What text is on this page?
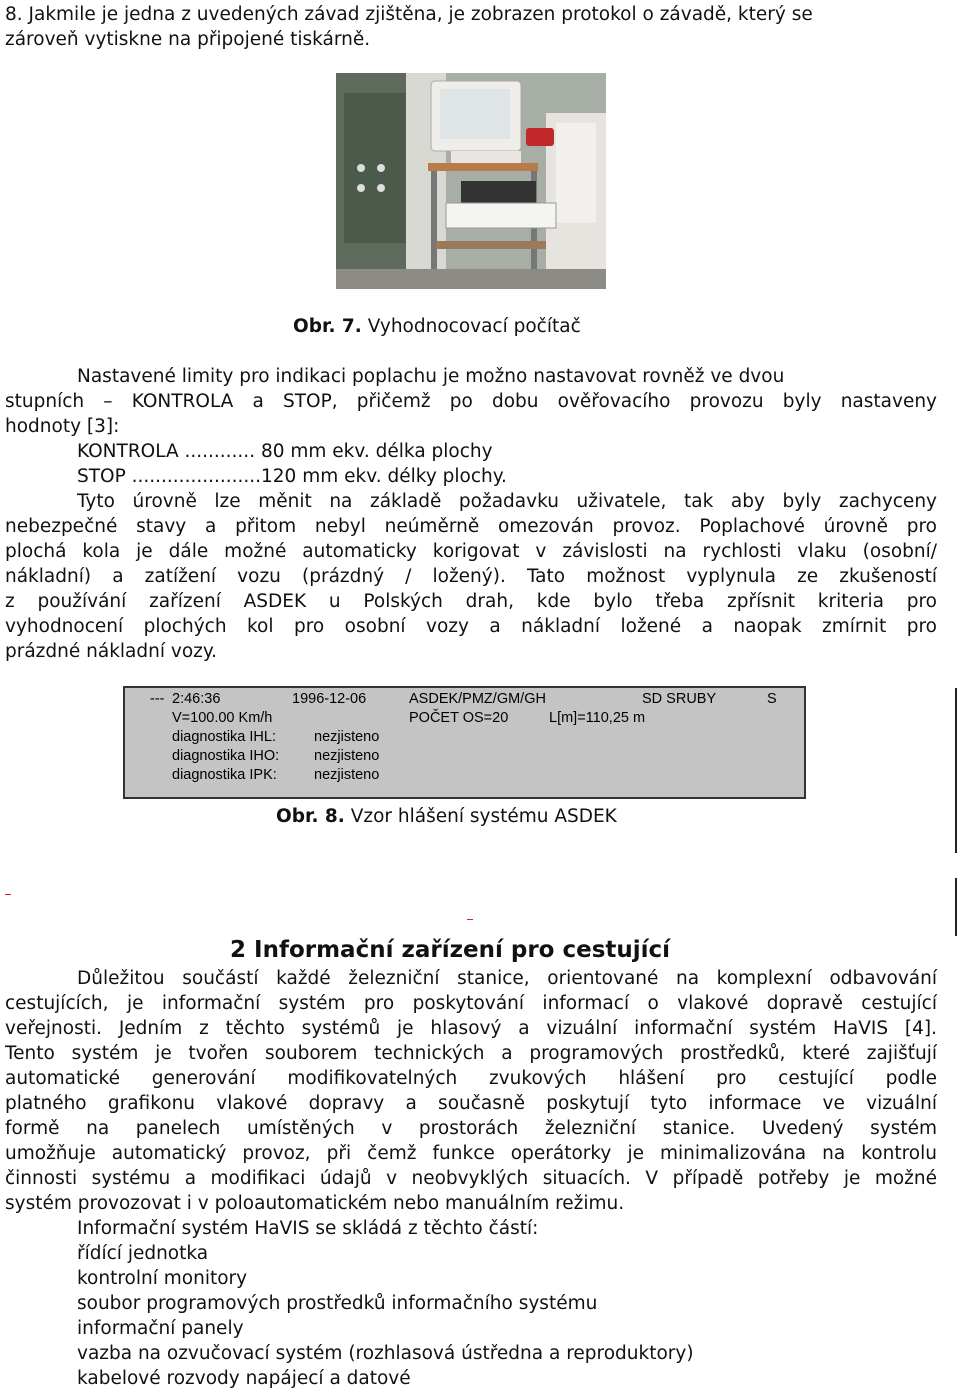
8. Jakmile je jedna z uvedených závad zjištěna, je zobrazen protokol o závadě, který se
zároveň vytiskne na připojené tiskárně.
Obr. 7. Vyhodnocovací počítač
Nastavené limity pro indikaci poplachu je možno nastavovat rovněž ve dvou
stupních – KONTROLA a STOP, přičemž po dobu ověřovacího provozu byly nastaveny
hodnoty [3]:
KONTROLA ............ 80 mm ekv. délka plochy
STOP ......................120 mm ekv. délky plochy.
Tyto úrovně lze měnit na základě požadavku uživatele, tak aby byly zachyceny
nebezpečné stavy a přitom nebyl neúměrně omezován provoz. Poplachové úrovně pro
plochá kola je dále možné automaticky korigovat v závislosti na rychlosti vlaku (osobní/
nákladní) a zatížení vozu (prázdný / ložený). Tato možnost vyplynula ze zkušeností
z používání zařízení ASDEK u Polských drah, kde bylo třeba zpřísnit kriteria pro
vyhodnocení plochých kol pro osobní vozy a nákladní ložené a naopak zmírnit pro
prázdné nákladní vozy.
--- 2:46:36	1996-12-06	ASDEK/PMZ/GM/GH	SD SRUBY	S
V=100.00 Km/h	POČET OS=20	L[m]=110,25 m
diagnostika IHL:	nezjisteno
diagnostika IHO: nezjisteno
diagnostika IPK:	nezjisteno
Obr. 8. Vzor hlášení systému ASDEK
2 Informační zařízení pro cestující
Důležitou součástí každé železniční stanice, orientované na komplexní odbavování
cestujících, je informační systém pro poskytování informací o vlakové dopravě cestující
veřejnosti. Jedním z těchto systémů je hlasový a vizuální informační systém HaVIS [4].
Tento systém je tvořen souborem technických a programových prostředků, které zajišťují
automatické generování modifikovatelných zvukových hlášení pro cestující podle
platného grafikonu vlakové dopravy a současně poskytují tyto informace ve vizuální
formě na panelech umístěných v prostorách železniční stanice. Uvedený systém
umožňuje automatický provoz, při čemž funkce operátorky je minimalizována na kontrolu
činnosti systému a modifikaci údajů v neobvyklých situacích. V případě potřeby je možné
systém provozovat i v poloautomatickém nebo manuálním režimu.
Informační systém HaVIS se skládá z těchto částí:
řídící jednotka
kontrolní monitory
soubor programových prostředků informačního systému
informační panely
vazba na ozvučovací systém (rozhlasová ústředna a reproduktory)
kabelové rozvody napájecí a datové
